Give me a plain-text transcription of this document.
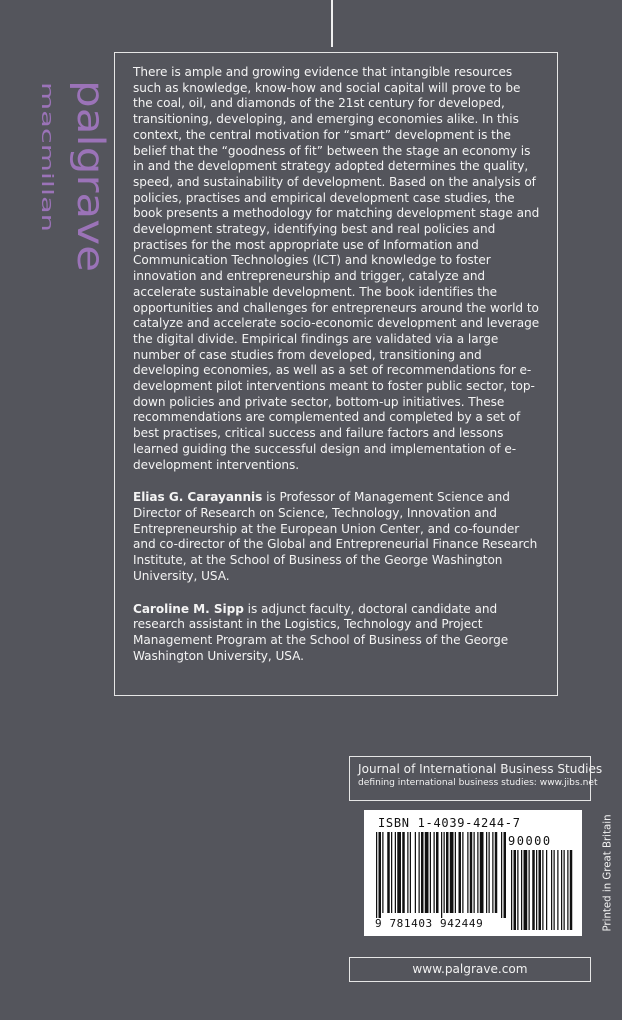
palgrave
macmillan

There is ample and growing evidence that intangible resources such as knowledge, know-how and social capital will prove to be the coal, oil, and diamonds of the 21st century for developed, transitioning, developing, and emerging economies alike. In this context, the central motivation for “smart” development is the belief that the “goodness of fit” between the stage an economy is in and the development strategy adopted determines the quality, speed, and sustainability of development. Based on the analysis of policies, practises and empirical development case studies, the book presents a methodology for matching development stage and development strategy, identifying best and real policies and practises for the most appropriate use of Information and Communication Technologies (ICT) and knowledge to foster innovation and entrepreneurship and trigger, catalyze and accelerate sustainable development. The book identifies the opportunities and challenges for entrepreneurs around the world to catalyze and accelerate socio-economic development and leverage the digital divide. Empirical findings are validated via a large number of case studies from developed, transitioning and developing economies, as well as a set of recommendations for e-development pilot interventions meant to foster public sector, top-down policies and private sector, bottom-up initiatives. These recommendations are complemented and completed by a set of best practises, critical success and failure factors and lessons learned guiding the successful design and implementation of e-development interventions.

Elias G. Carayannis is Professor of Management Science and Director of Research on Science, Technology, Innovation and Entrepreneurship at the European Union Center, and co-founder and co-director of the Global and Entrepreneurial Finance Research Institute, at the School of Business of the George Washington University, USA.

Caroline M. Sipp is adjunct faculty, doctoral candidate and research assistant in the Logistics, Technology and Project Management Program at the School of Business of the George Washington University, USA.

Journal of International Business Studies
defining international business studies: www.jibs.net
ISBN 1-4039-4244-7
90000
9 781403 942449	Printed in Great Britain
www.palgrave.com
